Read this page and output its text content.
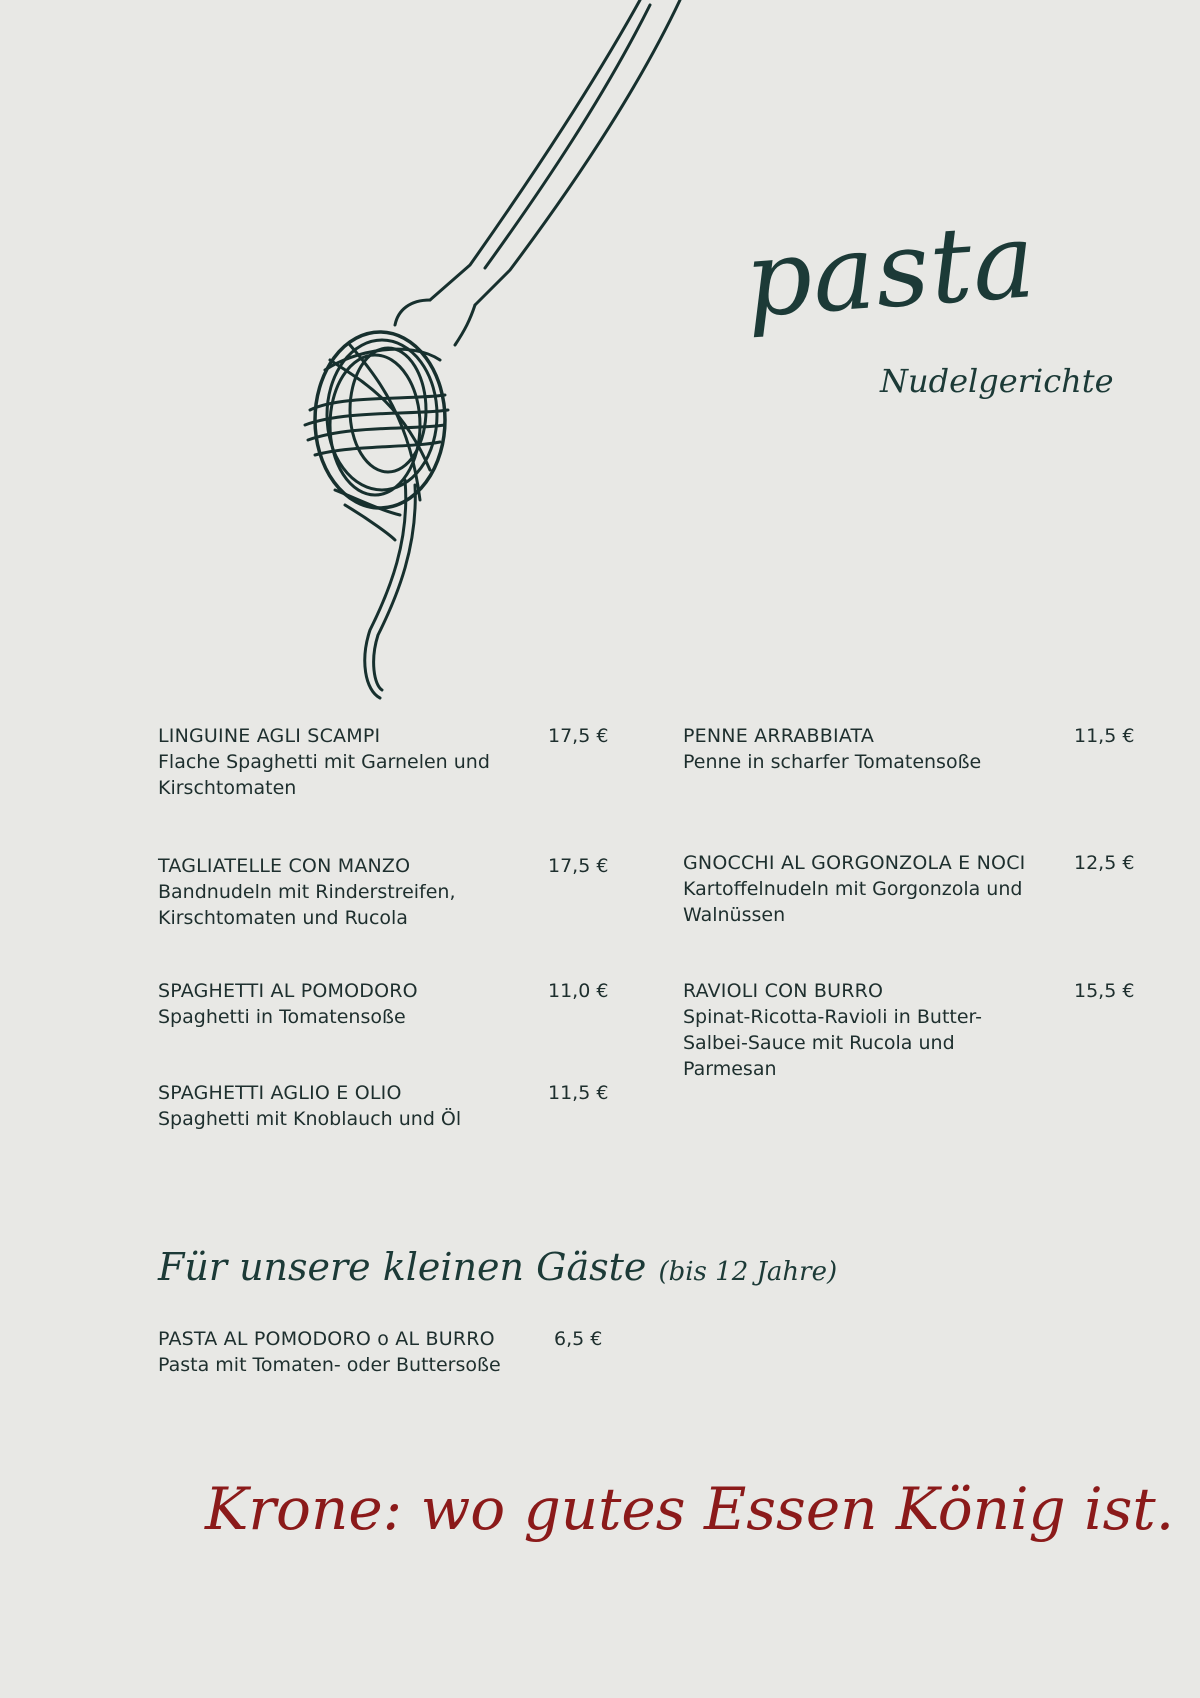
pasta
Nudelgerichte
LINGUINE AGLI SCAMPI
Flache Spaghetti mit Garnelen und Kirschtomaten
17,5 €
TAGLIATELLE CON MANZO
Bandnudeln mit Rinderstreifen, Kirschtomaten und Rucola
17,5 €
SPAGHETTI AL POMODORO
Spaghetti in Tomatensoße
11,0 €
SPAGHETTI AGLIO E OLIO
Spaghetti mit Knoblauch und Öl
11,5 €
PENNE ARRABBIATA
Penne in scharfer Tomatensoße
11,5 €
GNOCCHI AL GORGONZOLA E NOCI
Kartoffelnudeln mit Gorgonzola und Walnüssen
12,5 €
RAVIOLI CON BURRO
Spinat-Ricotta-Ravioli in Butter-Salbei-Sauce mit Rucola und Parmesan
15,5 €
Für unsere kleinen Gäste (bis 12 Jahre)
PASTA AL POMODORO o AL BURRO
Pasta mit Tomaten- oder Buttersoße
6,5 €
Krone: wo gutes Essen König ist.
